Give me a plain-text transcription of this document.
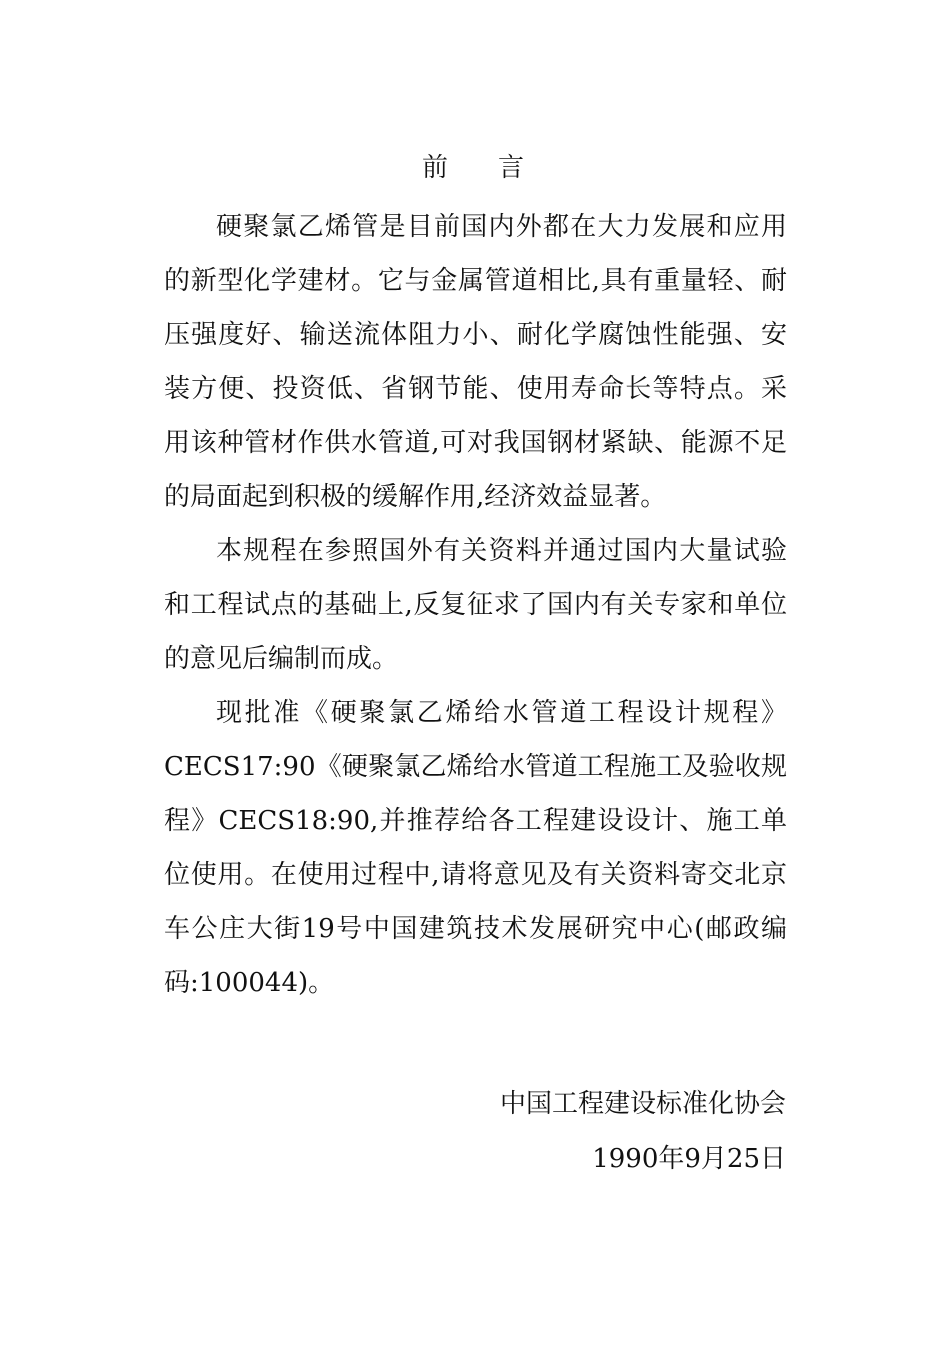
前 言

硬聚氯乙烯管是目前国内外都在大力发展和应用的新型化学建材。它与金属管道相比,具有重量轻、耐压强度好、输送流体阻力小、耐化学腐蚀性能强、安装方便、投资低、省钢节能、使用寿命长等特点。采用该种管材作供水管道,可对我国钢材紧缺、能源不足的局面起到积极的缓解作用,经济效益显著。

本规程在参照国外有关资料并通过国内大量试验和工程试点的基础上,反复征求了国内有关专家和单位的意见后编制而成。

现批准《硬聚氯乙烯给水管道工程设计规程》CECS17:90《硬聚氯乙烯给水管道工程施工及验收规程》CECS18:90,并推荐给各工程建设设计、施工单位使用。在使用过程中,请将意见及有关资料寄交北京车公庄大街19号中国建筑技术发展研究中心(邮政编码:100044)。

中国工程建设标准化协会
1990年9月25日
